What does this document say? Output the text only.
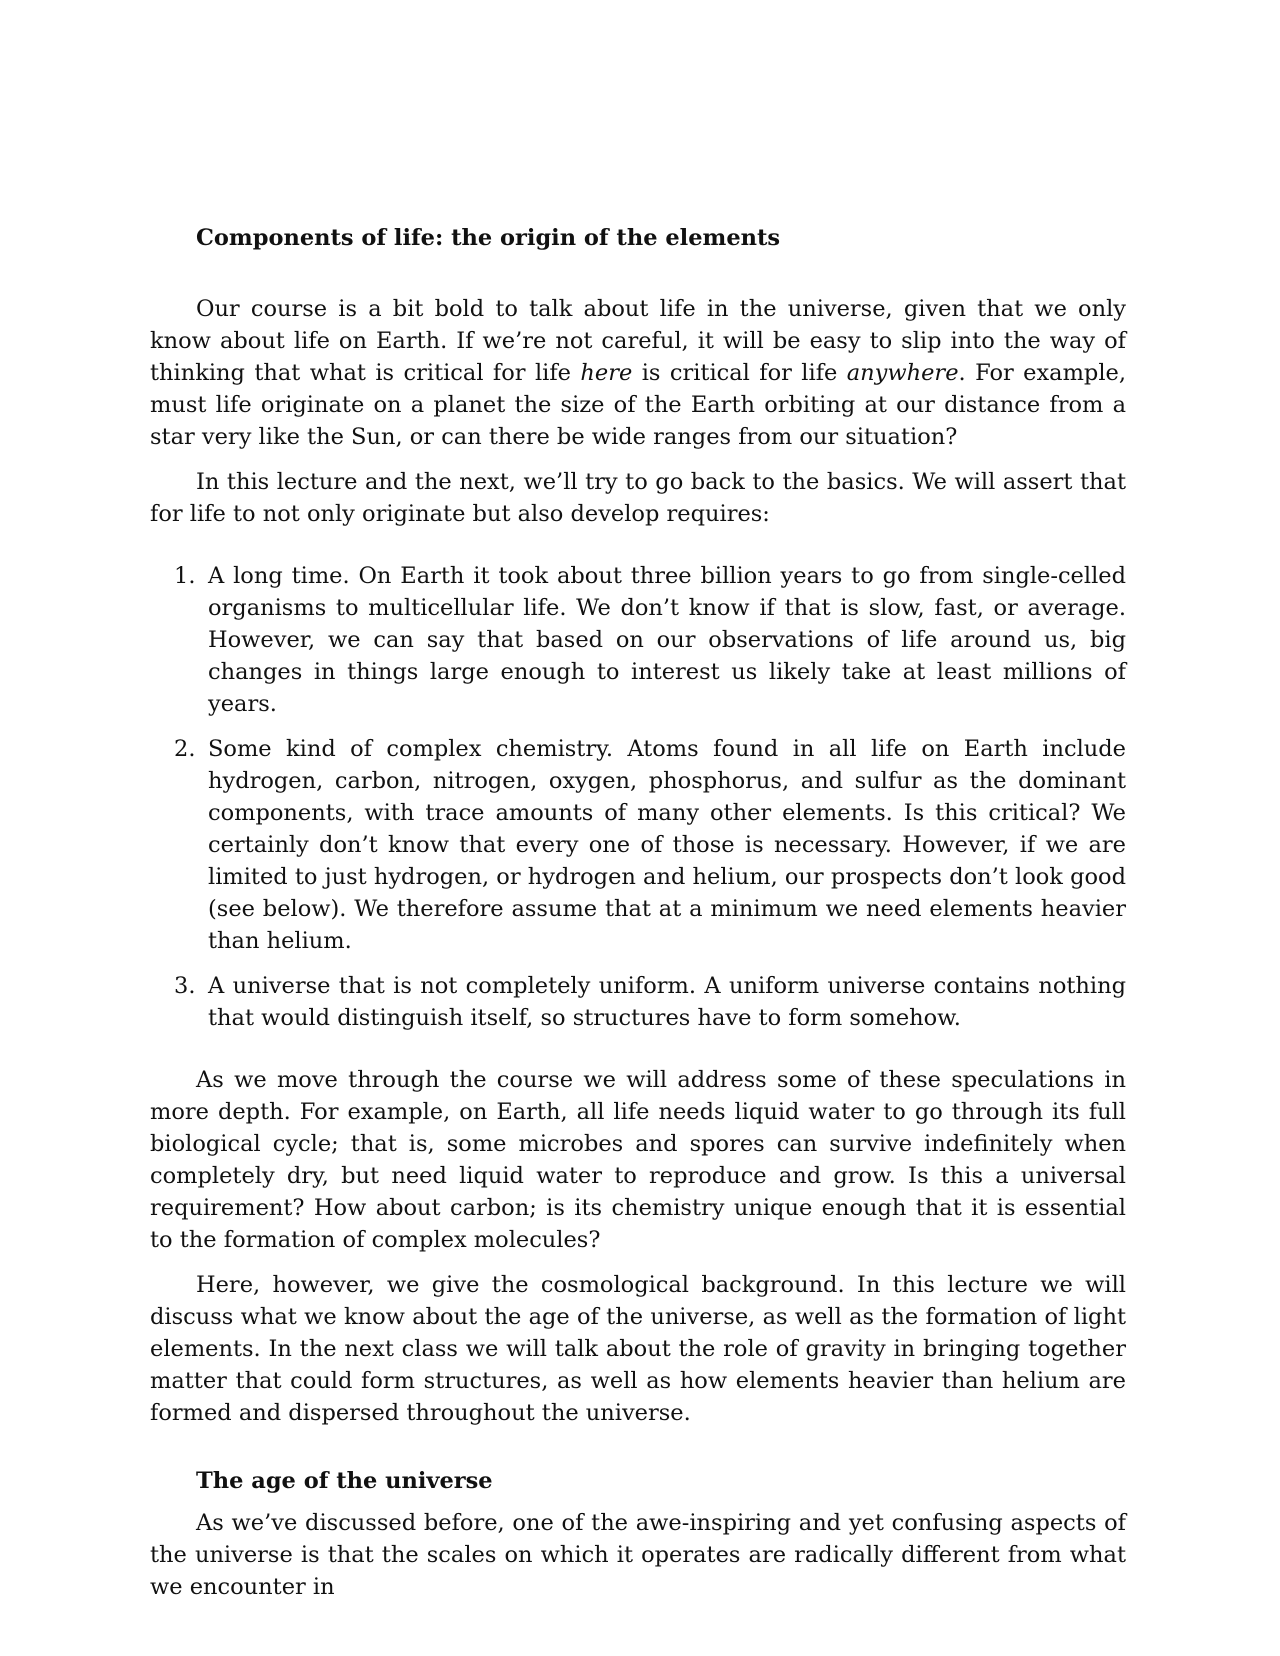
Components of life: the origin of the elements

Our course is a bit bold to talk about life in the universe, given that we only know about life on Earth. If we’re not careful, it will be easy to slip into the way of thinking that what is critical for life here is critical for life anywhere. For example, must life originate on a planet the size of the Earth orbiting at our distance from a star very like the Sun, or can there be wide ranges from our situation?

In this lecture and the next, we’ll try to go back to the basics. We will assert that for life to not only originate but also develop requires:

1. A long time. On Earth it took about three billion years to go from single-celled organisms to multicellular life. We don’t know if that is slow, fast, or average. However, we can say that based on our observations of life around us, big changes in things large enough to interest us likely take at least millions of years.
2. Some kind of complex chemistry. Atoms found in all life on Earth include hydrogen, carbon, nitrogen, oxygen, phosphorus, and sulfur as the dominant components, with trace amounts of many other elements. Is this critical? We certainly don’t know that every one of those is necessary. However, if we are limited to just hydrogen, or hydrogen and helium, our prospects don’t look good (see below). We therefore assume that at a minimum we need elements heavier than helium.
3. A universe that is not completely uniform. A uniform universe contains nothing that would distinguish itself, so structures have to form somehow.

As we move through the course we will address some of these speculations in more depth. For example, on Earth, all life needs liquid water to go through its full biological cycle; that is, some microbes and spores can survive indefinitely when completely dry, but need liquid water to reproduce and grow. Is this a universal requirement? How about carbon; is its chemistry unique enough that it is essential to the formation of complex molecules?

Here, however, we give the cosmological background. In this lecture we will discuss what we know about the age of the universe, as well as the formation of light elements. In the next class we will talk about the role of gravity in bringing together matter that could form structures, as well as how elements heavier than helium are formed and dispersed throughout the universe.

The age of the universe

As we’ve discussed before, one of the awe-inspiring and yet confusing aspects of the universe is that the scales on which it operates are radically different from what we encounter in
